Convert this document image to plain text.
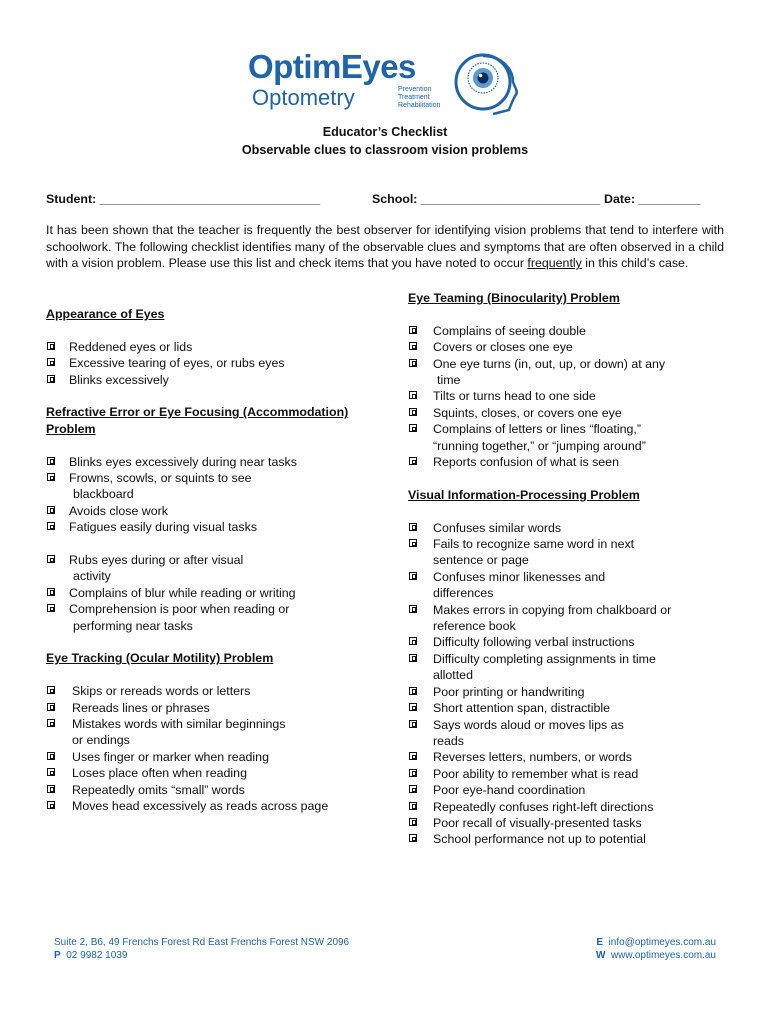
OptimEyes
Optometry	Prevention
Treatment
Rehabilitation
Educator’s Checklist
Observable clues to classroom vision problems
Student: ________________________________	School: __________________________ Date: _________
It has been shown that the teacher is frequently the best observer for identifying vision problems that tend to interfere with schoolwork. The following checklist identifies many of the observable clues and symptoms that are often observed in a child with a vision problem. Please use this list and check items that you have noted to occur frequently in this child’s case.
Appearance of Eyes
Reddened eyes or lids
Excessive tearing of eyes, or rubs eyes
Blinks excessively
Refractive Error or Eye Focusing (Accommodation)
Problem
Blinks eyes excessively during near tasks
Frowns, scowls, or squints to see
blackboard
Avoids close work
Fatigues easily during visual tasks
Rubs eyes during or after visual
activity
Complains of blur while reading or writing
Comprehension is poor when reading or
performing near tasks
Eye Tracking (Ocular Motility) Problem
Skips or rereads words or letters
Rereads lines or phrases
Mistakes words with similar beginnings
or endings
Uses finger or marker when reading
Loses place often when reading
Repeatedly omits “small” words
Moves head excessively as reads across page
Eye Teaming (Binocularity) Problem
Complains of seeing double
Covers or closes one eye
One eye turns (in, out, up, or down) at any
time
Tilts or turns head to one side
Squints, closes, or covers one eye
Complains of letters or lines “floating,”
“running together,” or “jumping around”
Reports confusion of what is seen
Visual Information-Processing Problem
Confuses similar words
Fails to recognize same word in next
sentence or page
Confuses minor likenesses and
differences
Makes errors in copying from chalkboard or
reference book
Difficulty following verbal instructions
Difficulty completing assignments in time
allotted
Poor printing or handwriting
Short attention span, distractible
Says words aloud or moves lips as
reads
Reverses letters, numbers, or words
Poor ability to remember what is read
Poor eye-hand coordination
Repeatedly confuses right-left directions
Poor recall of visually-presented tasks
School performance not up to potential
Suite 2, B6, 49 Frenchs Forest Rd East Frenchs Forest NSW 2096
P 02 9982 1039
E info@optimeyes.com.au
W www.optimeyes.com.au
